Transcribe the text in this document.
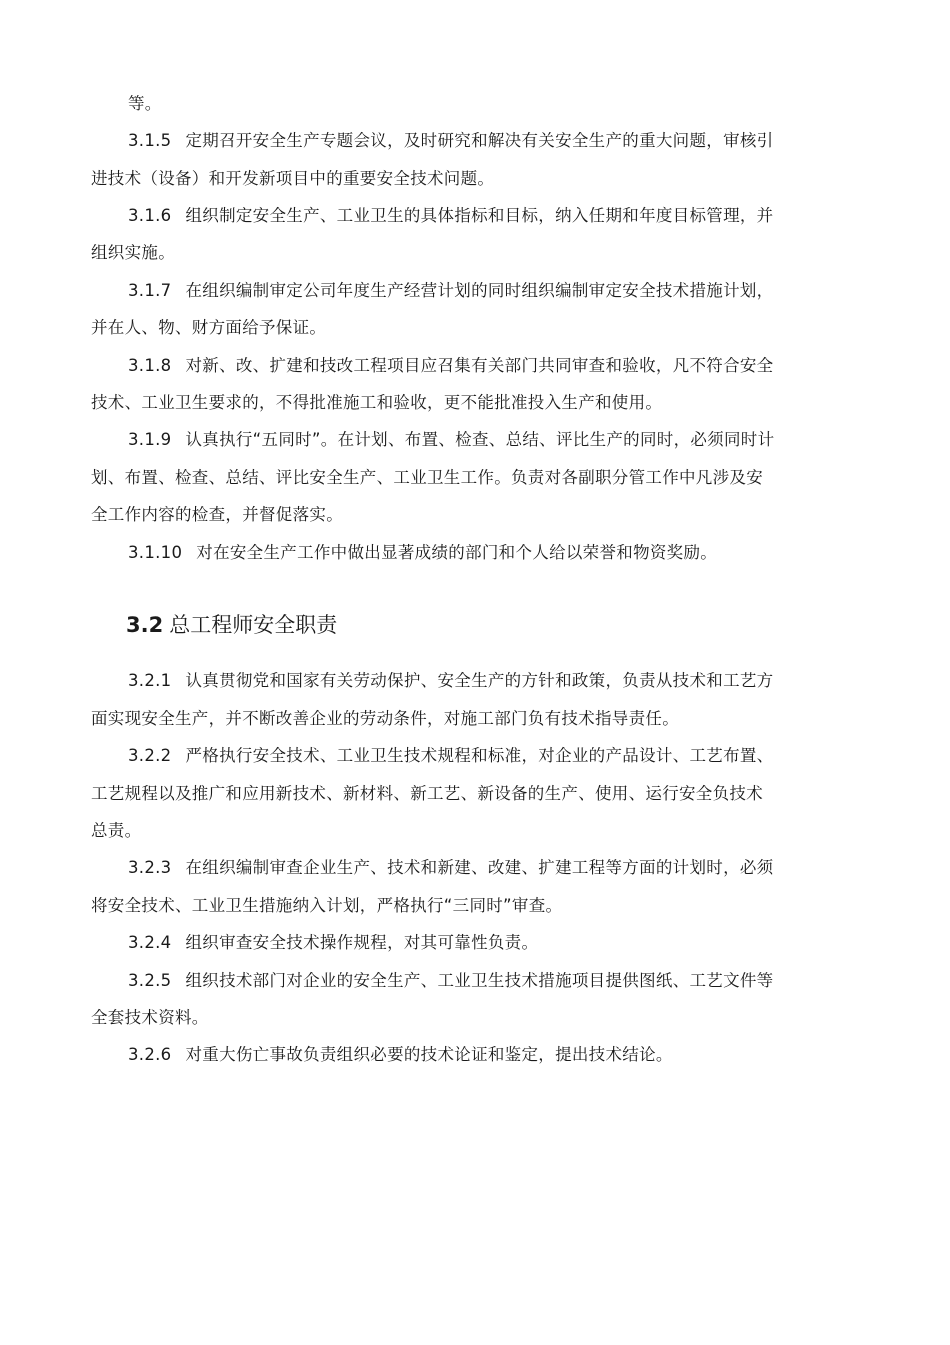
等。
3.1.5 定期召开安全生产专题会议，及时研究和解决有关安全生产的重大问题，审核引
进技术（设备）和开发新项目中的重要安全技术问题。
3.1.6 组织制定安全生产、工业卫生的具体指标和目标，纳入任期和年度目标管理，并
组织实施。
3.1.7 在组织编制审定公司年度生产经营计划的同时组织编制审定安全技术措施计划，
并在人、物、财方面给予保证。
3.1.8 对新、改、扩建和技改工程项目应召集有关部门共同审查和验收，凡不符合安全
技术、工业卫生要求的，不得批准施工和验收，更不能批准投入生产和使用。
3.1.9 认真执行“五同时”。在计划、布置、检查、总结、评比生产的同时，必须同时计
划、布置、检查、总结、评比安全生产、工业卫生工作。负责对各副职分管工作中凡涉及安
全工作内容的检查，并督促落实。
3.1.10 对在安全生产工作中做出显著成绩的部门和个人给以荣誉和物资奖励。
3.2 总工程师安全职责
3.2.1 认真贯彻党和国家有关劳动保护、安全生产的方针和政策，负责从技术和工艺方
面实现安全生产，并不断改善企业的劳动条件，对施工部门负有技术指导责任。
3.2.2 严格执行安全技术、工业卫生技术规程和标准，对企业的产品设计、工艺布置、
工艺规程以及推广和应用新技术、新材料、新工艺、新设备的生产、使用、运行安全负技术
总责。
3.2.3 在组织编制审查企业生产、技术和新建、改建、扩建工程等方面的计划时，必须
将安全技术、工业卫生措施纳入计划，严格执行“三同时”审查。
3.2.4 组织审查安全技术操作规程，对其可靠性负责。
3.2.5 组织技术部门对企业的安全生产、工业卫生技术措施项目提供图纸、工艺文件等
全套技术资料。
3.2.6 对重大伤亡事故负责组织必要的技术论证和鉴定，提出技术结论。
